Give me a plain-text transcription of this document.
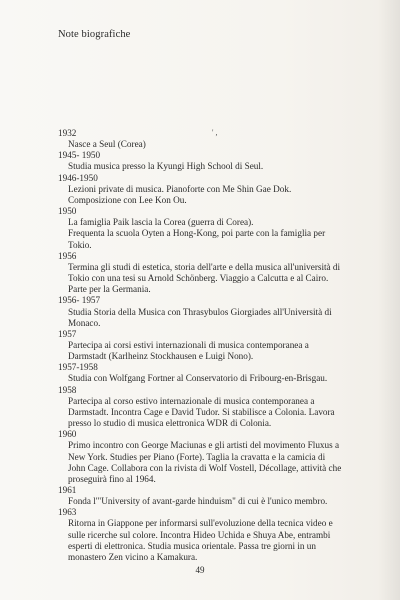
Note biografiche
' ,
1932
Nasce a Seul (Corea)
1945- 1950
Studia musica presso la Kyungi High School di Seul.
1946-1950
Lezioni private di musica. Pianoforte con Me Shin Gae Dok.
Composizione con Lee Kon Ou.
1950
La famiglia Paik lascia la Corea (guerra di Corea).
Frequenta la scuola Oyten a Hong-Kong, poi parte con la famiglia per
Tokio.
1956
Termina gli studi di estetica, storia dell'arte e della musica all'università di
Tokio con una tesi su Arnold Schönberg. Viaggio a Calcutta e al Cairo.
Parte per la Germania.
1956- 1957
Studia Storia della Musica con Thrasybulos Giorgiades all'Università di
Monaco.
1957
Partecipa ai corsi estivi internazionali di musica contemporanea a
Darmstadt (Karlheinz Stockhausen e Luigi Nono).
1957-1958
Studia con Wolfgang Fortner al Conservatorio di Fribourg-en-Brisgau.
1958
Partecipa al corso estivo internazionale di musica contemporanea a
Darmstadt. Incontra Cage e David Tudor. Si stabilisce a Colonia. Lavora
presso lo studio di musica elettronica WDR di Colonia.
1960
Primo incontro con George Maciunas e gli artisti del movimento Fluxus a
New York. Studies per Piano (Forte). Taglia la cravatta e la camicia di
John Cage. Collabora con la rivista di Wolf Vostell, Décollage, attività che
proseguirà fino al 1964.
1961
Fonda l'"University of avant-garde hinduism" di cui è l'unico membro.
1963
Ritorna in Giappone per informarsi sull'evoluzione della tecnica video e
sulle ricerche sul colore. Incontra Hideo Uchida e Shuya Abe, entrambi
esperti di elettronica. Studia musica orientale. Passa tre giorni in un
monastero Zen vicino a Kamakura.
49
